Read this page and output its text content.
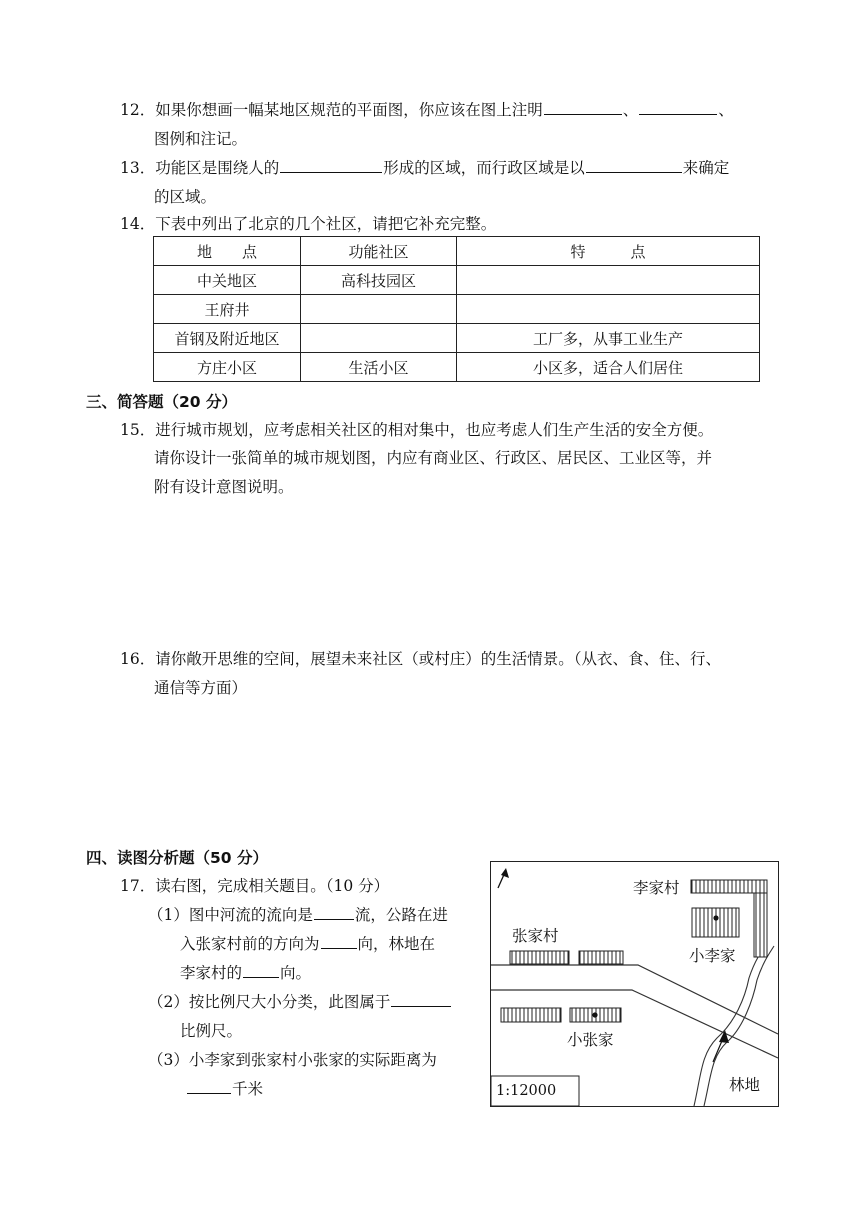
12．如果你想画一幅某地区规范的平面图，你应该在图上注明	、	、
图例和注记。
13．功能区是围绕人的	形成的区域，而行政区域是以	来确定
的区域。
14．下表中列出了北京的几个社区，请把它补充完整。
地　　点	功能社区	特　　　点
中关地区	高科技园区	
王府井		
首钢及附近地区		工厂多，从事工业生产
方庄小区	生活小区	小区多，适合人们居住
三、简答题（20 分）
15．进行城市规划，应考虑相关社区的相对集中，也应考虑人们生产生活的安全方便。
请你设计一张简单的城市规划图，内应有商业区、行政区、居民区、工业区等，并
附有设计意图说明。
16．请你敞开思维的空间，展望未来社区（或村庄）的生活情景。（从衣、食、住、行、
通信等方面）
四、读图分析题（50 分）
17．读右图，完成相关题目。（10 分）
（1）图中河流的流向是	流，公路在进
入张家村前的方向为 向，林地在
李家村的 向。
（2）按比例尺大小分类，此图属于
比例尺。
（3）小李家到张家村小张家的实际距离为
千米
李家村
张家村
小李家
小张家
林地
1:12000
